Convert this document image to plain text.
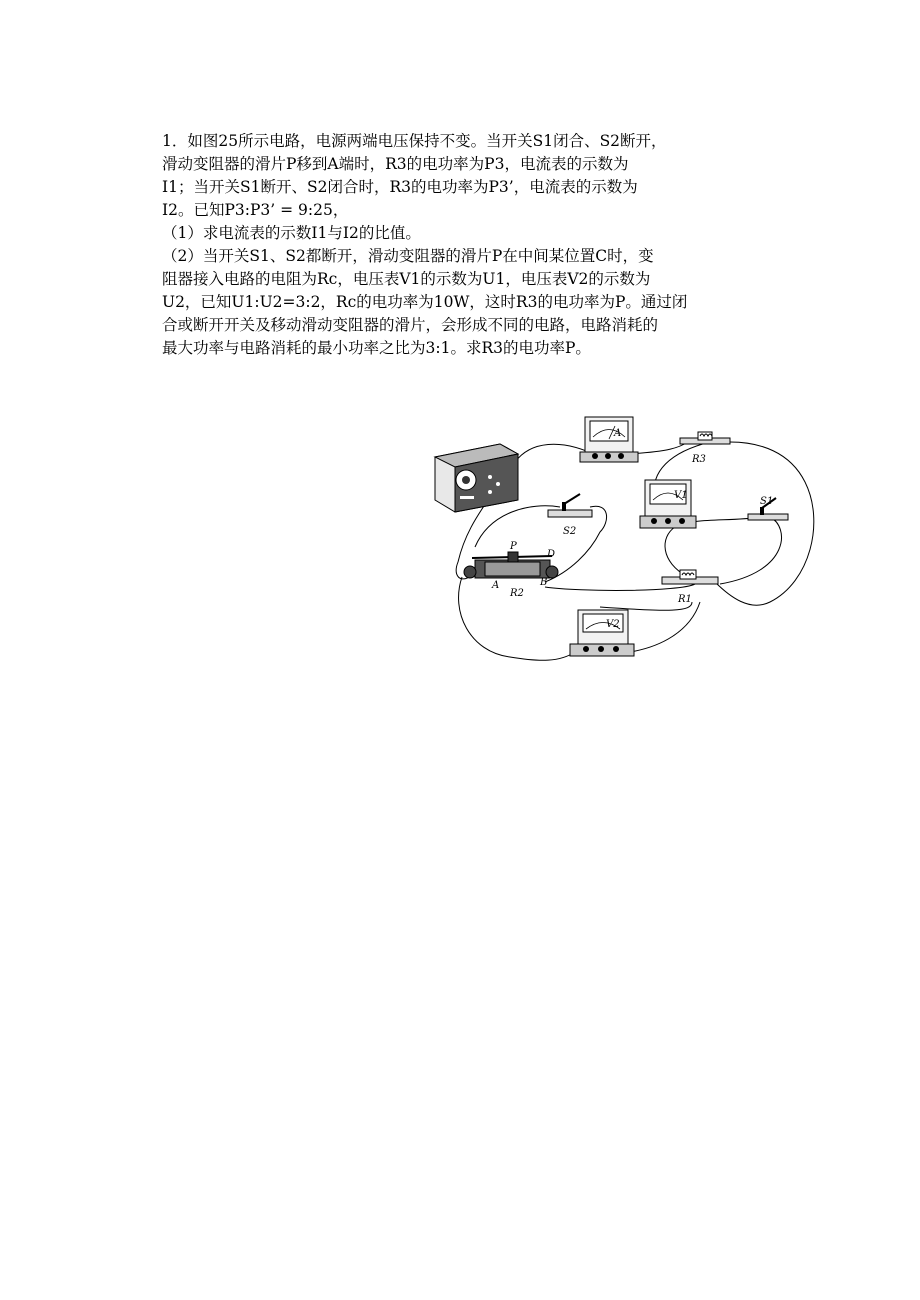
1．如图25所示电路，电源两端电压保持不变。当开关S1闭合、S2断开，

滑动变阻器的滑片P移到A端时，R3的电功率为P3，电流表的示数为

I1；当开关S1断开、S2闭合时，R3的电功率为P3’，电流表的示数为

I2。已知P3:P3’ = 9:25，

（1）求电流表的示数I1与I2的比值。

（2）当开关S1、S2都断开，滑动变阻器的滑片P在中间某位置C时，变

阻器接入电路的电阻为Rc，电压表V1的示数为U1，电压表V2的示数为

U2，已知U1:U2=3:2，Rc的电功率为10W，这时R3的电功率为P。通过闭

合或断开开关及移动滑动变阻器的滑片，会形成不同的电路，电路消耗的

最大功率与电路消耗的最小功率之比为3:1。求R3的电功率P。

A
R3
V1
S1
S2
P
D
A	B
R2
R1
V2
